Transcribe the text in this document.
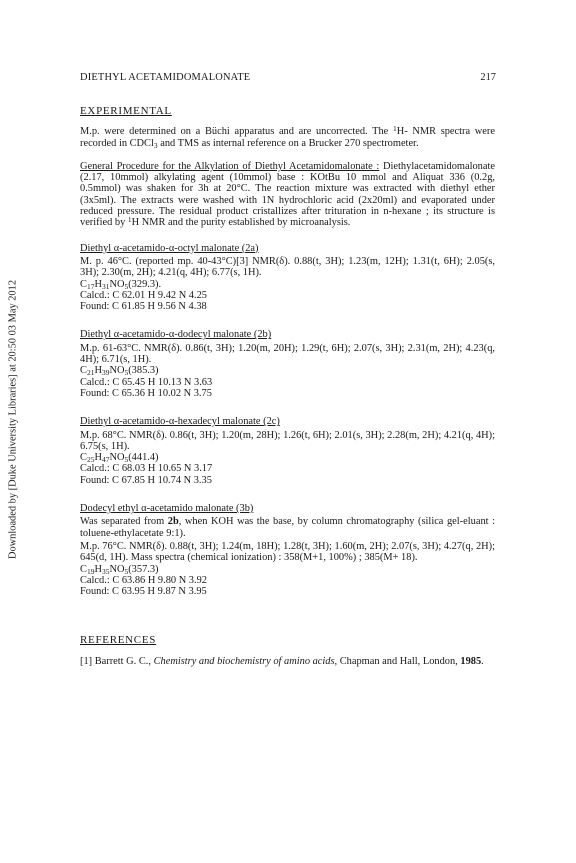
Downloaded by [Duke University Libraries] at 20:50 03 May 2012
DIETHYL ACETAMIDOMALONATE	217

EXPERIMENTAL

M.p. were determined on a Büchi apparatus and are uncorrected. The $^1$H- NMR spectra were recorded in CDCl$_3$ and TMS as internal reference on a Brucker 270 spectrometer.

General Procedure for the Alkylation of Diethyl Acetamidomalonate : Diethylacetamidomalonate (2.17, 10mmol) alkylating agent (10mmol) base : KOtBu 10 mmol and Aliquat 336 (0.2g, 0.5mmol) was shaken for 3h at 20°C. The reaction mixture was extracted with diethyl ether (3x5ml). The extracts were washed with 1N hydrochloric acid (2x20ml) and evaporated under reduced pressure. The residual product cristallizes after trituration in n-hexane ; its structure is verified by $^1$H NMR and the purity established by microanalysis.

Diethyl α-acetamido-α-octyl malonate (2a)

M. p. 46°C. (reported mp. 40-43°C)[3] NMR(δ). 0.88(t, 3H); 1.23(m, 12H); 1.31(t, 6H); 2.05(s, 3H); 2.30(m, 2H); 4.21(q, 4H); 6.77(s, 1H).

$C_{17}H_{31}NO_5(329.3)$.

Calcd.: C 62.01 H 9.42 N 4.25

Found: C 61.85 H 9.56 N 4.38

Diethyl α-acetamido-α-dodecyl malonate (2b)

M.p. 61-63°C. NMR(δ). 0.86(t, 3H); 1.20(m, 20H); 1.29(t, 6H); 2.07(s, 3H); 2.31(m, 2H); 4.23(q, 4H); 6.71(s, 1H).

$C_{21}H_{39}NO_5(385.3)$

Calcd.: C 65.45 H 10.13 N 3.63

Found: C 65.36 H 10.02 N 3.75

Diethyl α-acetamido-α-hexadecyl malonate (2c)

M.p. 68°C. NMR(δ). 0.86(t, 3H); 1.20(m, 28H); 1.26(t, 6H); 2.01(s, 3H); 2.28(m, 2H); 4.21(q, 4H); 6.75(s, 1H).

$C_{25}H_{47}NO_5(441.4)$

Calcd.: C 68.03 H 10.65 N 3.17

Found: C 67.85 H 10.74 N 3.35

Dodecyl ethyl α-acetamido malonate (3b)

Was separated from 2b, when KOH was the base, by column chromatography (silica gel-eluant : toluene-ethylacetate 9:1).

M.p. 76°C. NMR(δ). 0.88(t, 3H); 1.24(m, 18H); 1.28(t, 3H); 1.60(m, 2H); 2.07(s, 3H); 4.27(q, 2H); 645(d, 1H). Mass spectra (chemical ionization) : 358(M+1, 100%) ; 385(M+ 18).

$C_{19}H_{35}NO_5(357.3)$

Calcd.: C 63.86 H 9.80 N 3.92

Found: C 63.95 H 9.87 N 3.95

REFERENCES

[1] Barrett G. C., Chemistry and biochemistry of amino acids, Chapman and Hall, London, 1985.
